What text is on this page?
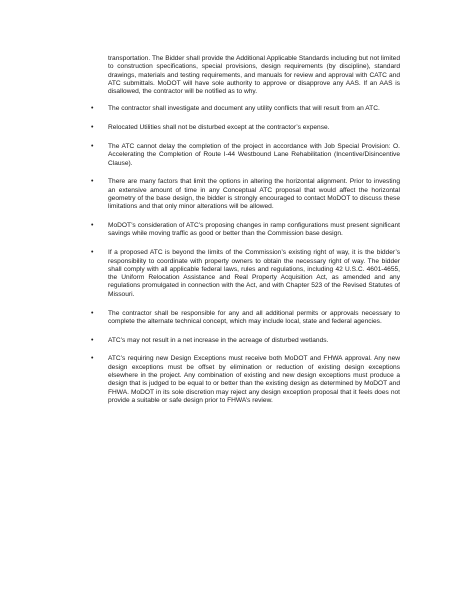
transportation. The Bidder shall provide the Additional Applicable Standards including but not limited to construction specifications, special provisions, design requirements (by discipline), standard drawings, materials and testing requirements, and manuals for review and approval with CATC and ATC submittals. MoDOT will have sole authority to approve or disapprove any AAS. If an AAS is disallowed, the contractor will be notified as to why.

• The contractor shall investigate and document any utility conflicts that will result from an ATC.
• Relocated Utilities shall not be disturbed except at the contractor’s expense.
• The ATC cannot delay the completion of the project in accordance with Job Special Provision: O. Accelerating the Completion of Route I-44 Westbound Lane Rehabilitation (Incentive/Disincentive Clause).
• There are many factors that limit the options in altering the horizontal alignment. Prior to investing an extensive amount of time in any Conceptual ATC proposal that would affect the horizontal geometry of the base design, the bidder is strongly encouraged to contact MoDOT to discuss these limitations and that only minor alterations will be allowed.
• MoDOT’s consideration of ATC’s proposing changes in ramp configurations must present significant savings while moving traffic as good or better than the Commission base design.
• If a proposed ATC is beyond the limits of the Commission’s existing right of way, it is the bidder’s responsibility to coordinate with property owners to obtain the necessary right of way. The bidder shall comply with all applicable federal laws, rules and regulations, including 42 U.S.C. 4601-4655, the Uniform Relocation Assistance and Real Property Acquisition Act, as amended and any regulations promulgated in connection with the Act, and with Chapter 523 of the Revised Statutes of Missouri.
• The contractor shall be responsible for any and all additional permits or approvals necessary to complete the alternate technical concept, which may include local, state and federal agencies.
• ATC’s may not result in a net increase in the acreage of disturbed wetlands.
• ATC’s requiring new Design Exceptions must receive both MoDOT and FHWA approval. Any new design exceptions must be offset by elimination or reduction of existing design exceptions elsewhere in the project. Any combination of existing and new design exceptions must produce a design that is judged to be equal to or better than the existing design as determined by MoDOT and FHWA. MoDOT in its sole discretion may reject any design exception proposal that it feels does not provide a suitable or safe design prior to FHWA’s review.
